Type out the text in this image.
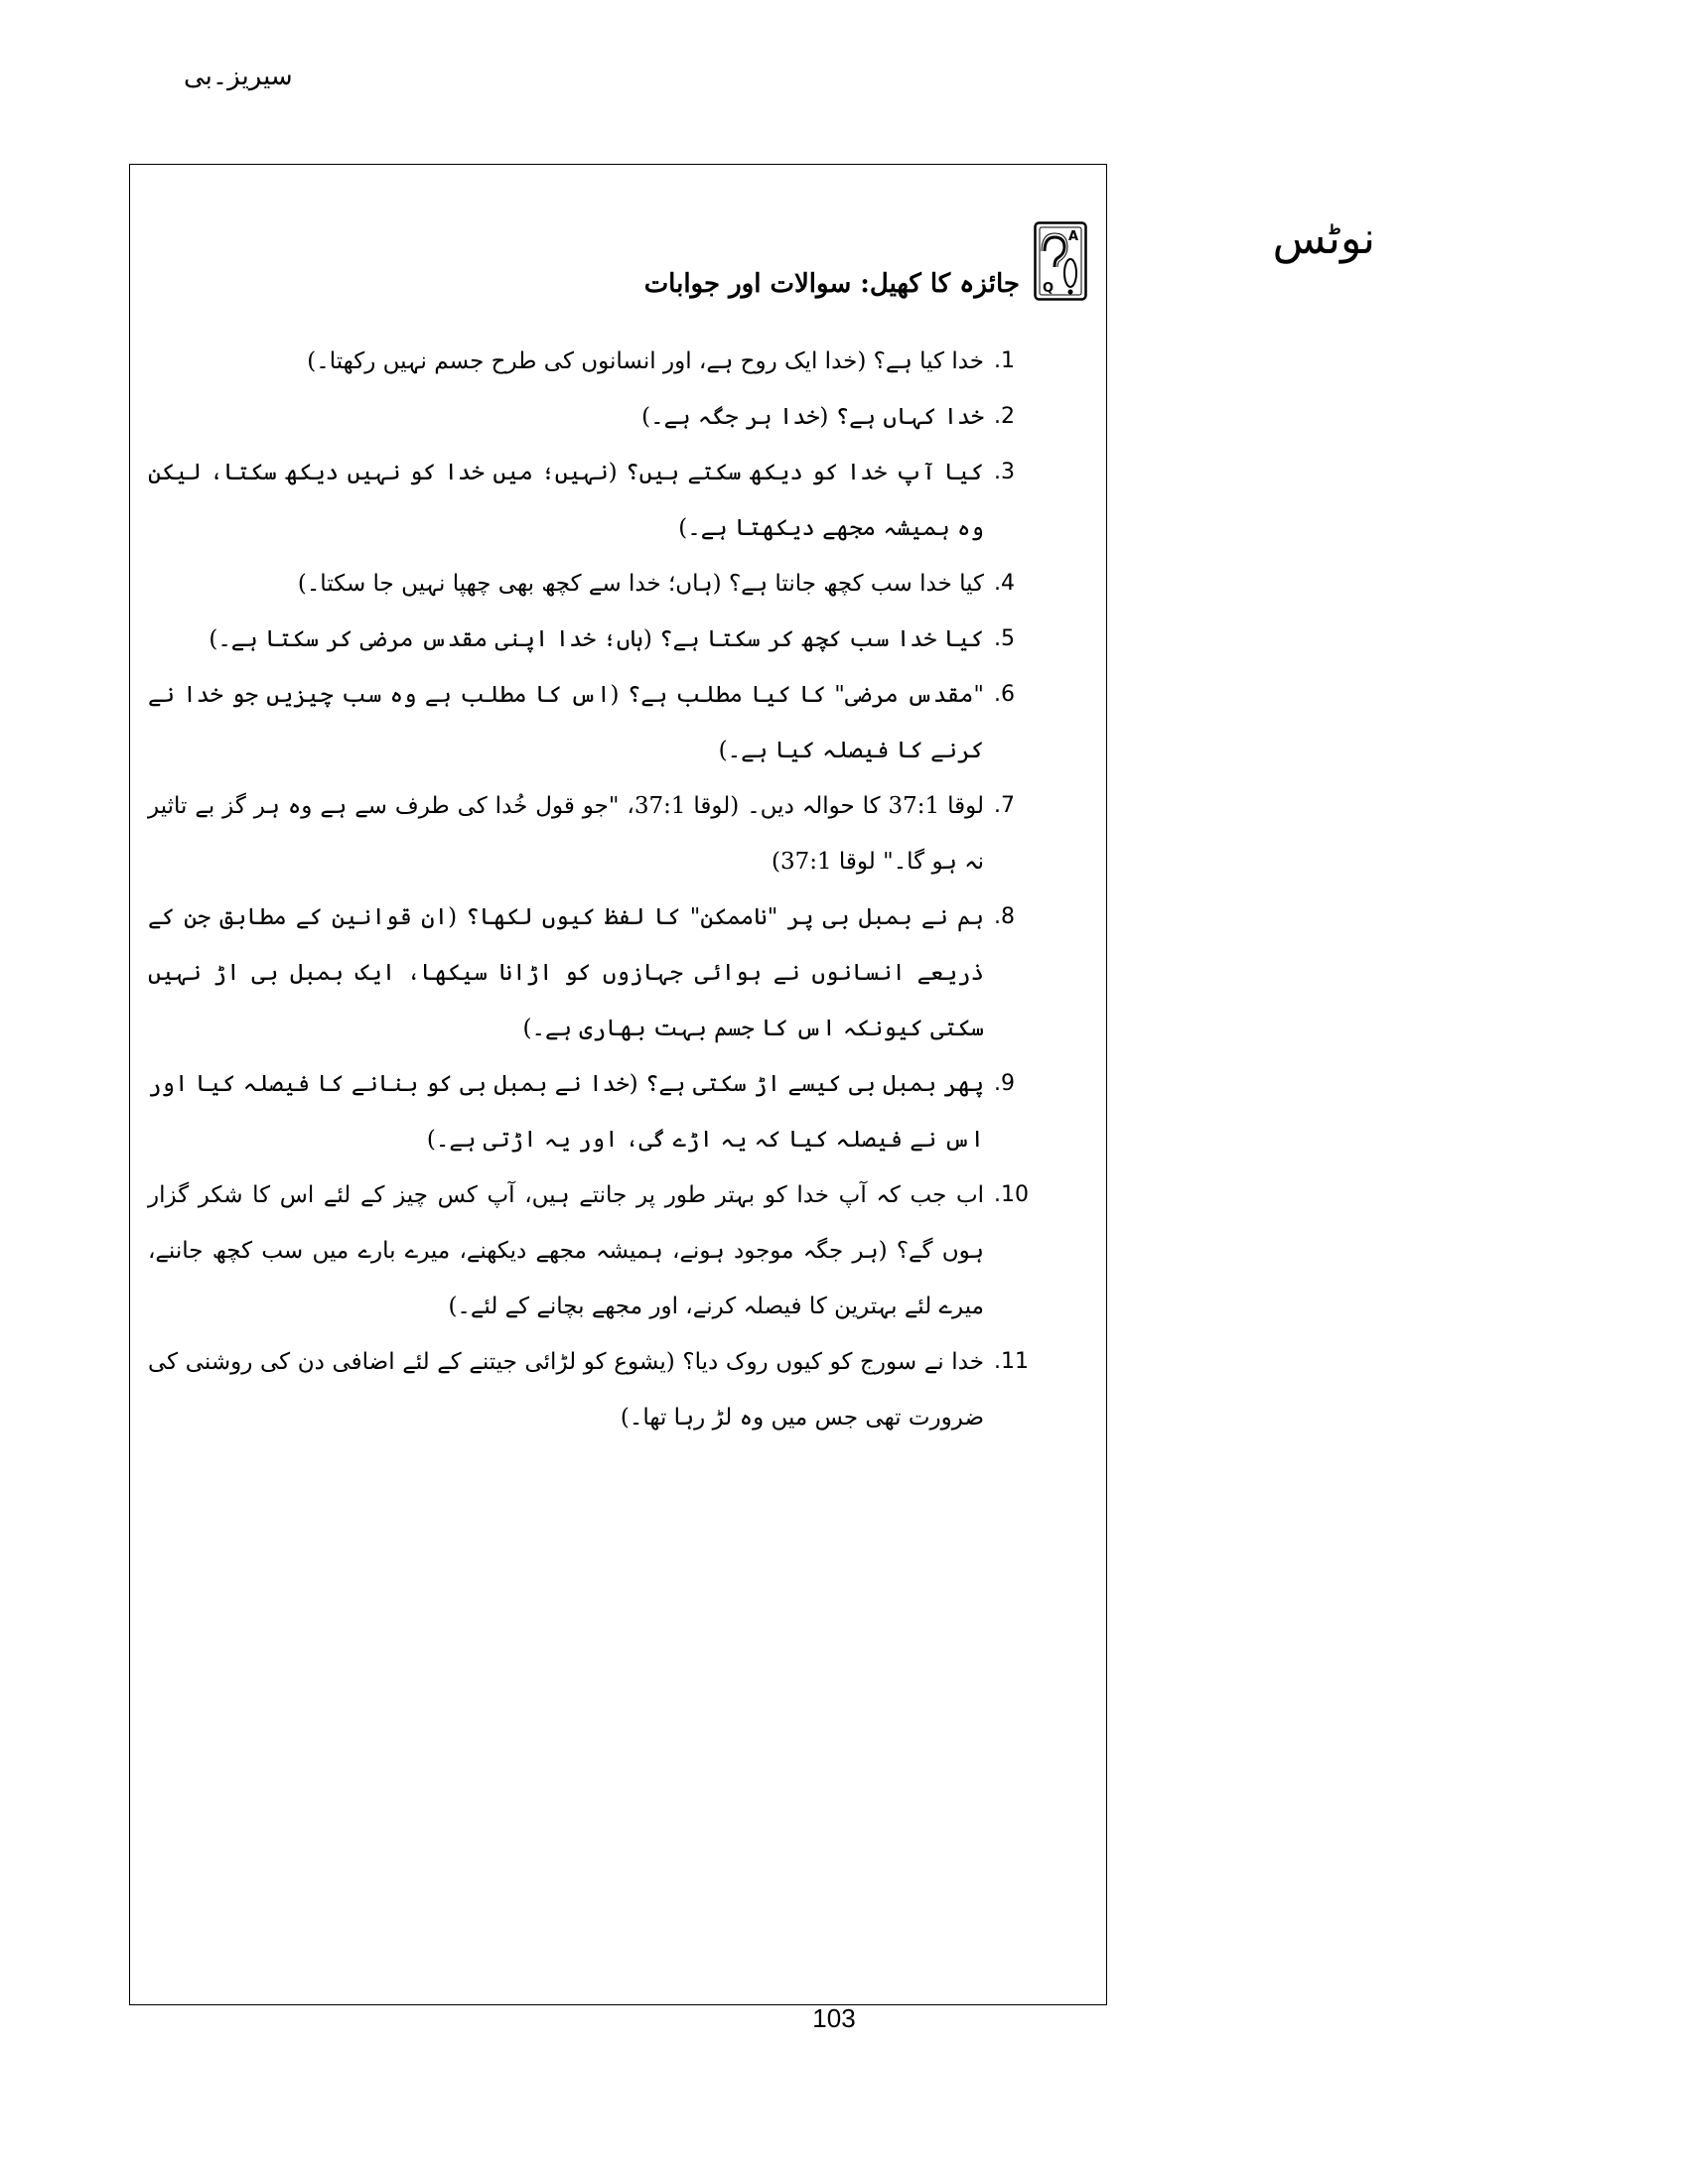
سیریز۔بی
نوٹس
A
Q
جائزہ کا کھیل: سوالات اور جوابات
.1
خدا کیا ہے؟ (خدا ایک روح ہے، اور انسانوں کی طرح جسم نہیں رکھتا۔)
.2
خدا کہاں ہے؟ (خدا ہر جگہ ہے۔)
.3
کیا آپ خدا کو دیکھ سکتے ہیں؟ (نہیں؛ میں خدا کو نہیں دیکھ سکتا، لیکن وہ ہمیشہ مجھے دیکھتا ہے۔)
.4
کیا خدا سب کچھ جانتا ہے؟ (ہاں؛ خدا سے کچھ بھی چھپا نہیں جا سکتا۔)
.5
کیا خدا سب کچھ کر سکتا ہے؟ (ہاں؛ خدا اپنی مقدس مرضی کر سکتا ہے۔)
.6
"مقدس مرضی" کا کیا مطلب ہے؟ (اس کا مطلب ہے وہ سب چیزیں جو خدا نے کرنے کا فیصلہ کیا ہے۔)
.7
لوقا 37:1 کا حوالہ دیں۔ (لوقا 37:1، "جو قول خُدا کی طرف سے ہے وہ ہر گز بے تاثیر نہ ہو گا۔" لوقا 37:1)
.8
ہم نے بمبل بی پر "ناممکن" کا لفظ کیوں لکھا؟ (ان قوانین کے مطابق جن کے ذریعے انسانوں نے ہوائی جہازوں کو اڑانا سیکھا، ایک بمبل بی اڑ نہیں سکتی کیونکہ اس کا جسم بہت بھاری ہے۔)
.9
پھر بمبل بی کیسے اڑ سکتی ہے؟ (خدا نے بمبل بی کو بنانے کا فیصلہ کیا اور اس نے فیصلہ کیا کہ یہ اڑے گی، اور یہ اڑتی ہے۔)
.10
اب جب کہ آپ خدا کو بہتر طور پر جانتے ہیں، آپ کس چیز کے لئے اس کا شکر گزار ہوں گے؟ (ہر جگہ موجود ہونے، ہمیشہ مجھے دیکھنے، میرے بارے میں سب کچھ جاننے، میرے لئے بہترین کا فیصلہ کرنے، اور مجھے بچانے کے لئے۔)
.11
خدا نے سورج کو کیوں روک دیا؟ (یشوع کو لڑائی جیتنے کے لئے اضافی دن کی روشنی کی ضرورت تھی جس میں وہ لڑ رہا تھا۔)
103
